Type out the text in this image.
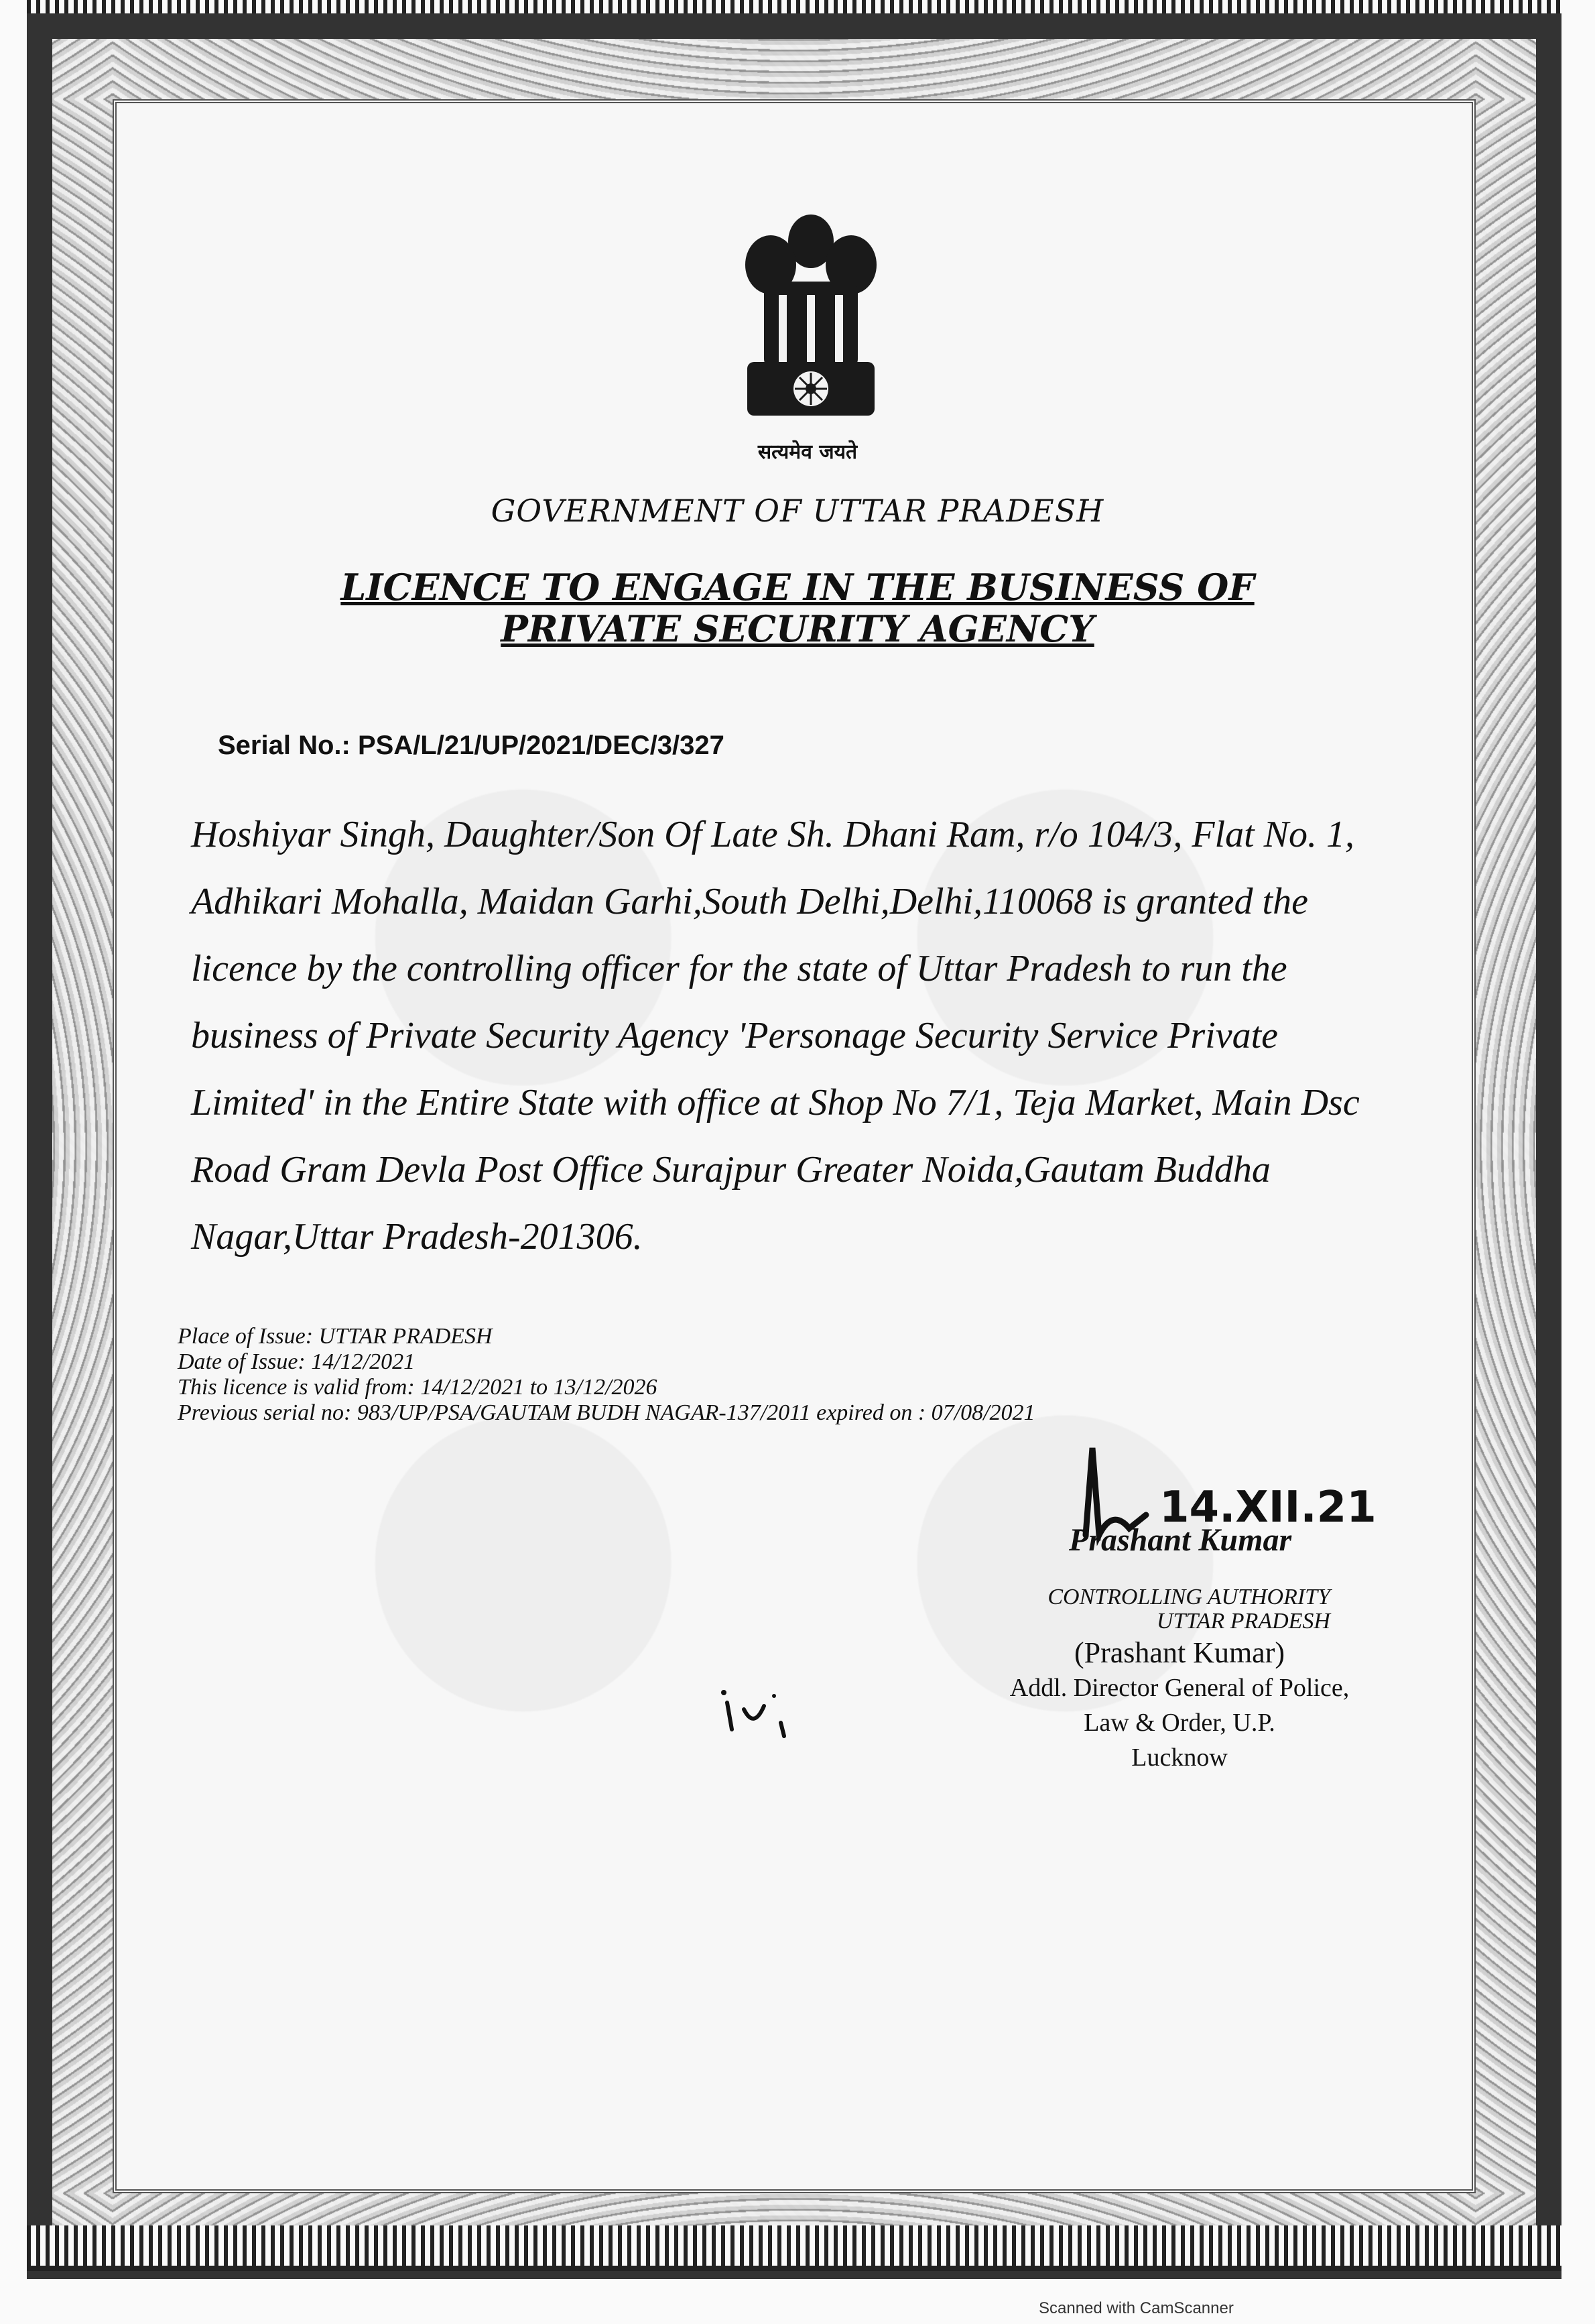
सत्यमेव जयते
GOVERNMENT OF UTTAR PRADESH
LICENCE TO ENGAGE IN THE BUSINESS OF
PRIVATE SECURITY AGENCY
Serial No.: PSA/L/21/UP/2021/DEC/3/327
Hoshiyar Singh, Daughter/Son Of Late Sh. Dhani Ram, r/o 104/3, Flat No. 1,
Adhikari Mohalla, Maidan Garhi,South Delhi,Delhi,110068 is granted the
licence by the controlling officer for the state of Uttar Pradesh to run the
business of Private Security Agency 'Personage Security Service Private
Limited' in the Entire State with office at Shop No 7/1, Teja Market, Main Dsc
Road Gram Devla Post Office Surajpur Greater Noida,Gautam Buddha
Nagar,Uttar Pradesh-201306.
Place of Issue: UTTAR PRADESH
Date of Issue: 14/12/2021
This licence is valid from: 14/12/2021 to 13/12/2026
Previous serial no: 983/UP/PSA/GAUTAM BUDH NAGAR-137/2011 expired on : 07/08/2021
14.XII.21
Prashant Kumar
CONTROLLING AUTHORITY
UTTAR PRADESH
(Prashant Kumar)
Addl. Director General of Police,
Law & Order, U.P.
Lucknow
Scanned with CamScanner
